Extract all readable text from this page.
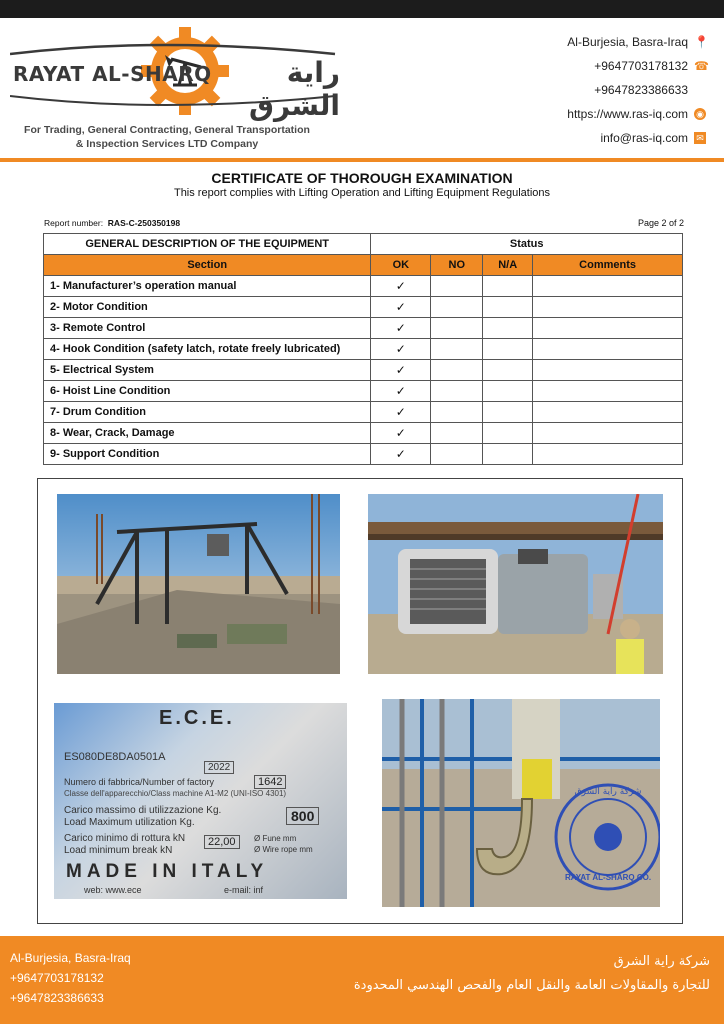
RAYAT AL-SHARQ	راية الشرق
For Trading, General Contracting, General Transportation
& Inspection Services LTD Company
Al-Burjesia, Basra-Iraq 📍
+9647703178132 ☎
+9647823386633
https://www.ras-iq.com ◉
info@ras-iq.com ✉
CERTIFICATE OF THOROUGH EXAMINATION
This report complies with Lifting Operation and Lifting Equipment Regulations
Report number: RAS-C-250350198	Page 2 of 2
GENERAL DESCRIPTION OF THE EQUIPMENT	Status			
Section	OK	NO	N/A	Comments
1- Manufacturer’s operation manual	✓			
2- Motor Condition	✓			
3- Remote Control	✓			
4- Hook Condition (safety latch, rotate freely lubricated)	✓			
5- Electrical System	✓			
6- Hoist Line Condition	✓			
7- Drum Condition	✓			
8- Wear, Crack, Damage	✓			
9- Support Condition	✓			
E.C.E.
ES080DE8DA0501A
2022
Numero di fabbrica/Number of factory	1642
Classe dell'apparecchio/Class machine A1-M2 (UNI-ISO 4301)
Carico massimo di utilizzazione Kg.
Load Maximum utilization Kg.	800
Carico minimo di rottura kN
Load minimum break kN
22,00	Ø Fune mm
Ø Wire rope mm
MADE IN ITALY
web: www.ece	e-mail: inf
شركة راية الشرق
RAYAT AL-SHARQ CO.
Al-Burjesia, Basra-Iraq
+9647703178132
+9647823386633
شركة راية الشرق
للتجارة والمقاولات العامة والنقل العام والفحص الهندسي المحدودة
